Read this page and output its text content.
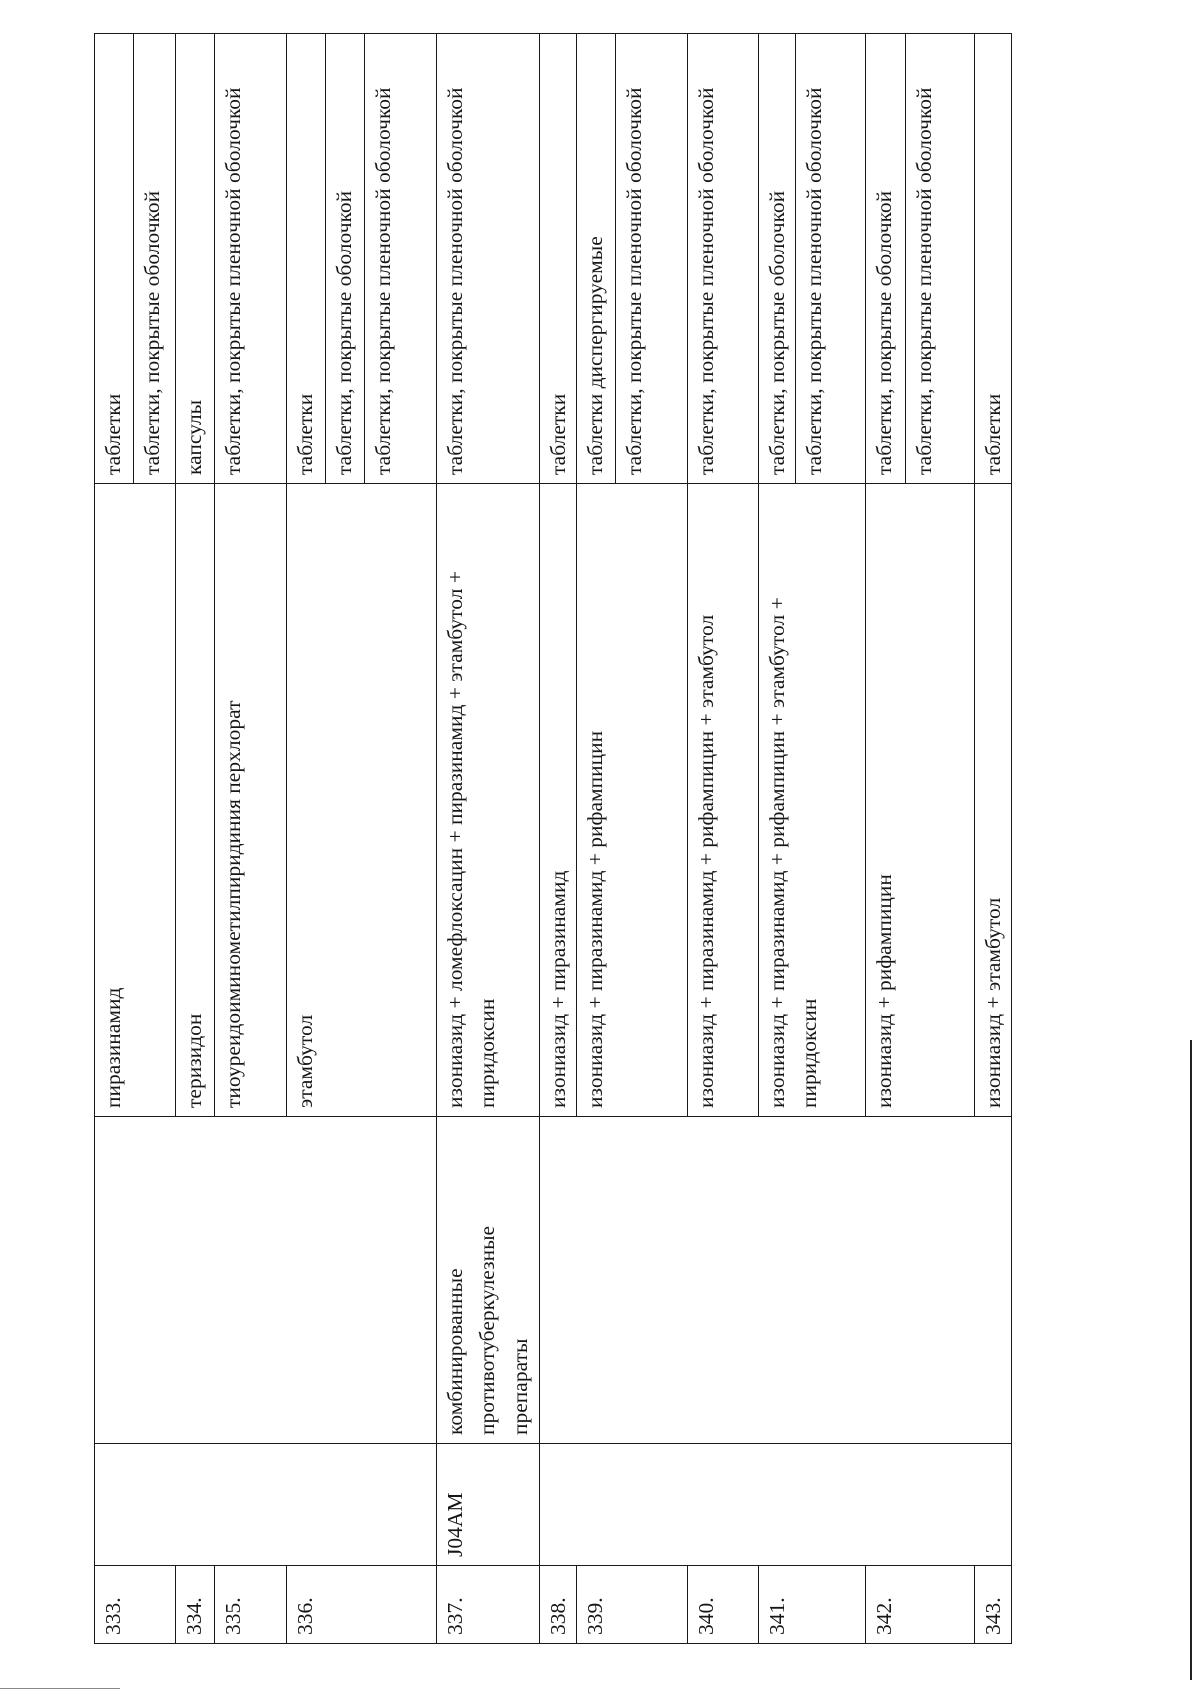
333.			пиразинамид	таблетки
				таблетки, покрытые оболочкой
334.			теризидон	капсулы
335.			тиоуреидоиминометилпиридиния перхлорат	таблетки, покрытые пленочной оболочкой
336.			этамбутол	таблетки
				таблетки, покрытые оболочкой
				таблетки, покрытые пленочной оболочкой
337.	J04AM	комбинированные противотуберкулезные препараты	изониазид + ломефлоксацин + пиразинамид + этамбутол + пиридоксин	таблетки, покрытые пленочной оболочкой
338.			изониазид + пиразинамид	таблетки
339.			изониазид + пиразинамид + рифампицин	таблетки диспергируемые
				таблетки, покрытые пленочной оболочкой
340.			изониазид + пиразинамид + рифампицин + этамбутол	таблетки, покрытые пленочной оболочкой
341.			изониазид + пиразинамид + рифампицин + этамбутол + пиридоксин	таблетки, покрытые оболочкой
				таблетки, покрытые пленочной оболочкой
342.			изониазид + рифампицин	таблетки, покрытые оболочкой
				таблетки, покрытые пленочной оболочкой
343.			изониазид + этамбутол	таблетки
